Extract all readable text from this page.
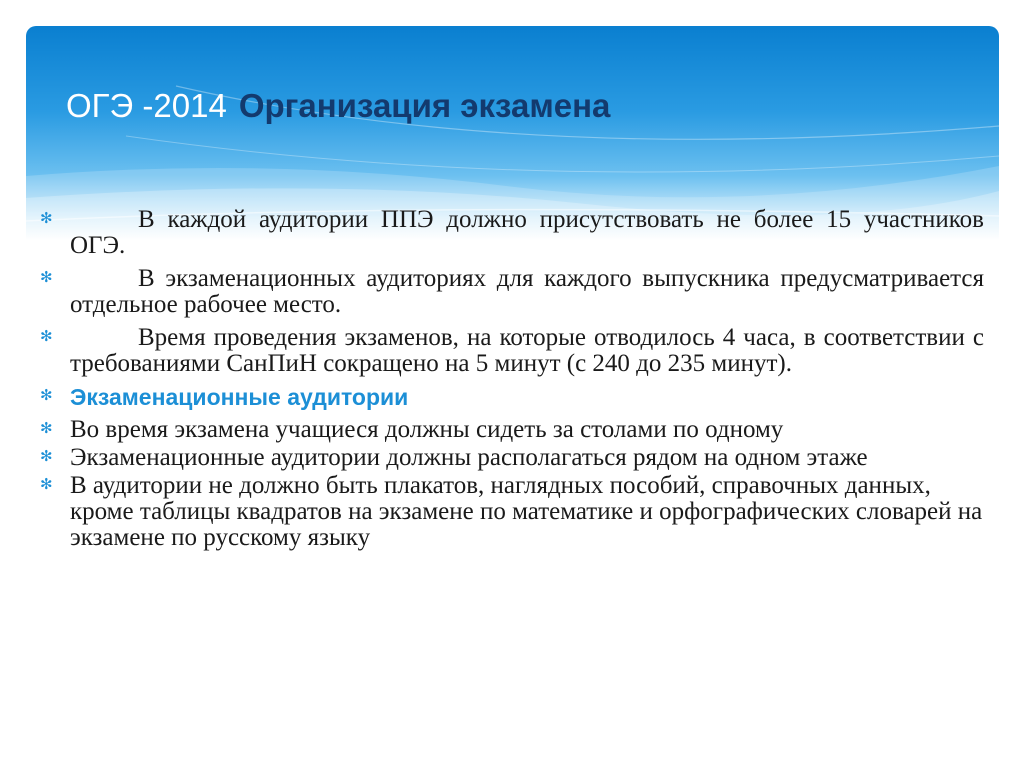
ОГЭ -2014 Организация экзамена
✻	В каждой аудитории ППЭ должно присутствовать не более 15 участников ОГЭ.
✻	В экзаменационных аудиториях для каждого выпускника предусматривается отдельное рабочее место.
✻	Время проведения экзаменов, на которые отводилось 4 часа, в соответствии с требованиями СанПиН сокращено на 5 минут (с 240 до 235 минут).
✻ Экзаменационные аудитории
✻ Во время экзамена учащиеся должны сидеть за столами по одному
✻ Экзаменационные аудитории должны располагаться рядом на одном этаже
✻ В аудитории не должно быть плакатов, наглядных пособий, справочных данных, кроме таблицы квадратов на экзамене по математике и орфографических словарей на экзамене по русскому языку
